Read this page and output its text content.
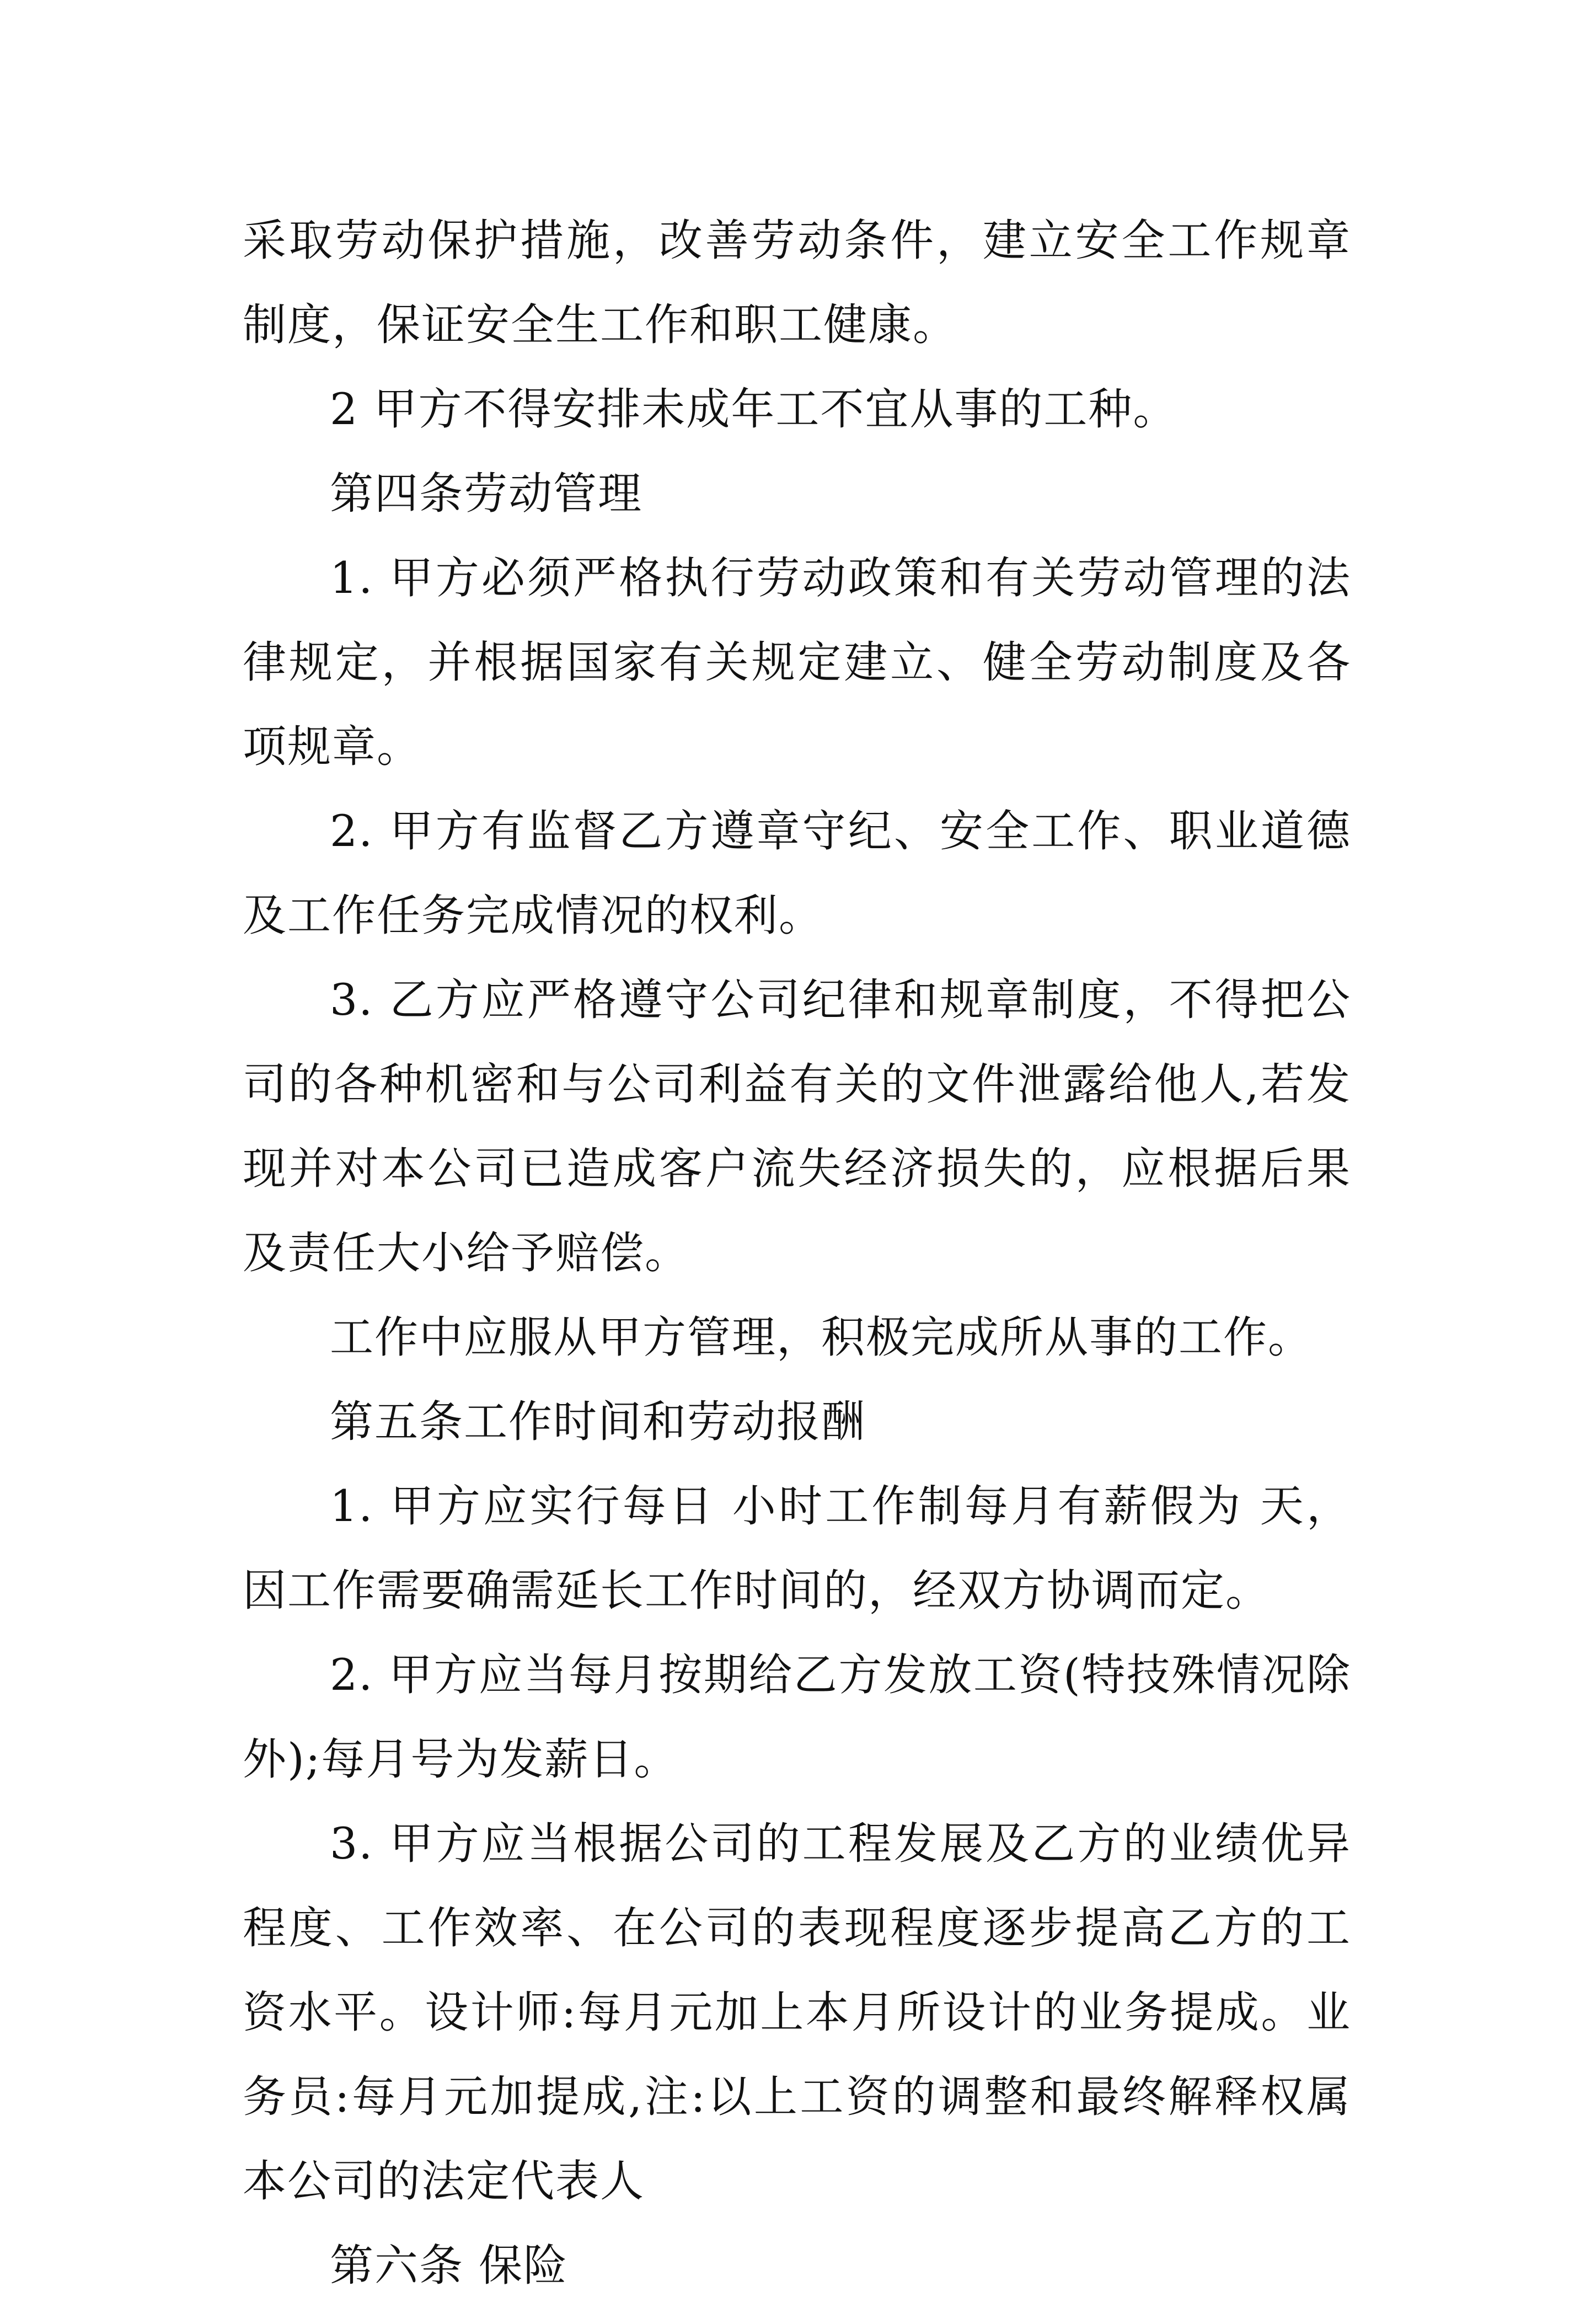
采取劳动保护措施，改善劳动条件，建立安全工作规章制度，保证安全生工作和职工健康。

2 甲方不得安排未成年工不宜从事的工种。

第四条劳动管理

1. 甲方必须严格执行劳动政策和有关劳动管理的法律规定，并根据国家有关规定建立、健全劳动制度及各项规章。

2. 甲方有监督乙方遵章守纪、安全工作、职业道德及工作任务完成情况的权利。

3. 乙方应严格遵守公司纪律和规章制度，不得把公司的各种机密和与公司利益有关的文件泄露给他人,若发现并对本公司已造成客户流失经济损失的，应根据后果及责任大小给予赔偿。

工作中应服从甲方管理，积极完成所从事的工作。

第五条工作时间和劳动报酬

1. 甲方应实行每日 小时工作制每月有薪假为 天，因工作需要确需延长工作时间的，经双方协调而定。

2. 甲方应当每月按期给乙方发放工资(特技殊情况除外);每月号为发薪日。

3. 甲方应当根据公司的工程发展及乙方的业绩优异程度、工作效率、在公司的表现程度逐步提高乙方的工资水平。设计师:每月元加上本月所设计的业务提成。业务员:每月元加提成,注:以上工资的调整和最终解释权属本公司的法定代表人

第六条 保险
